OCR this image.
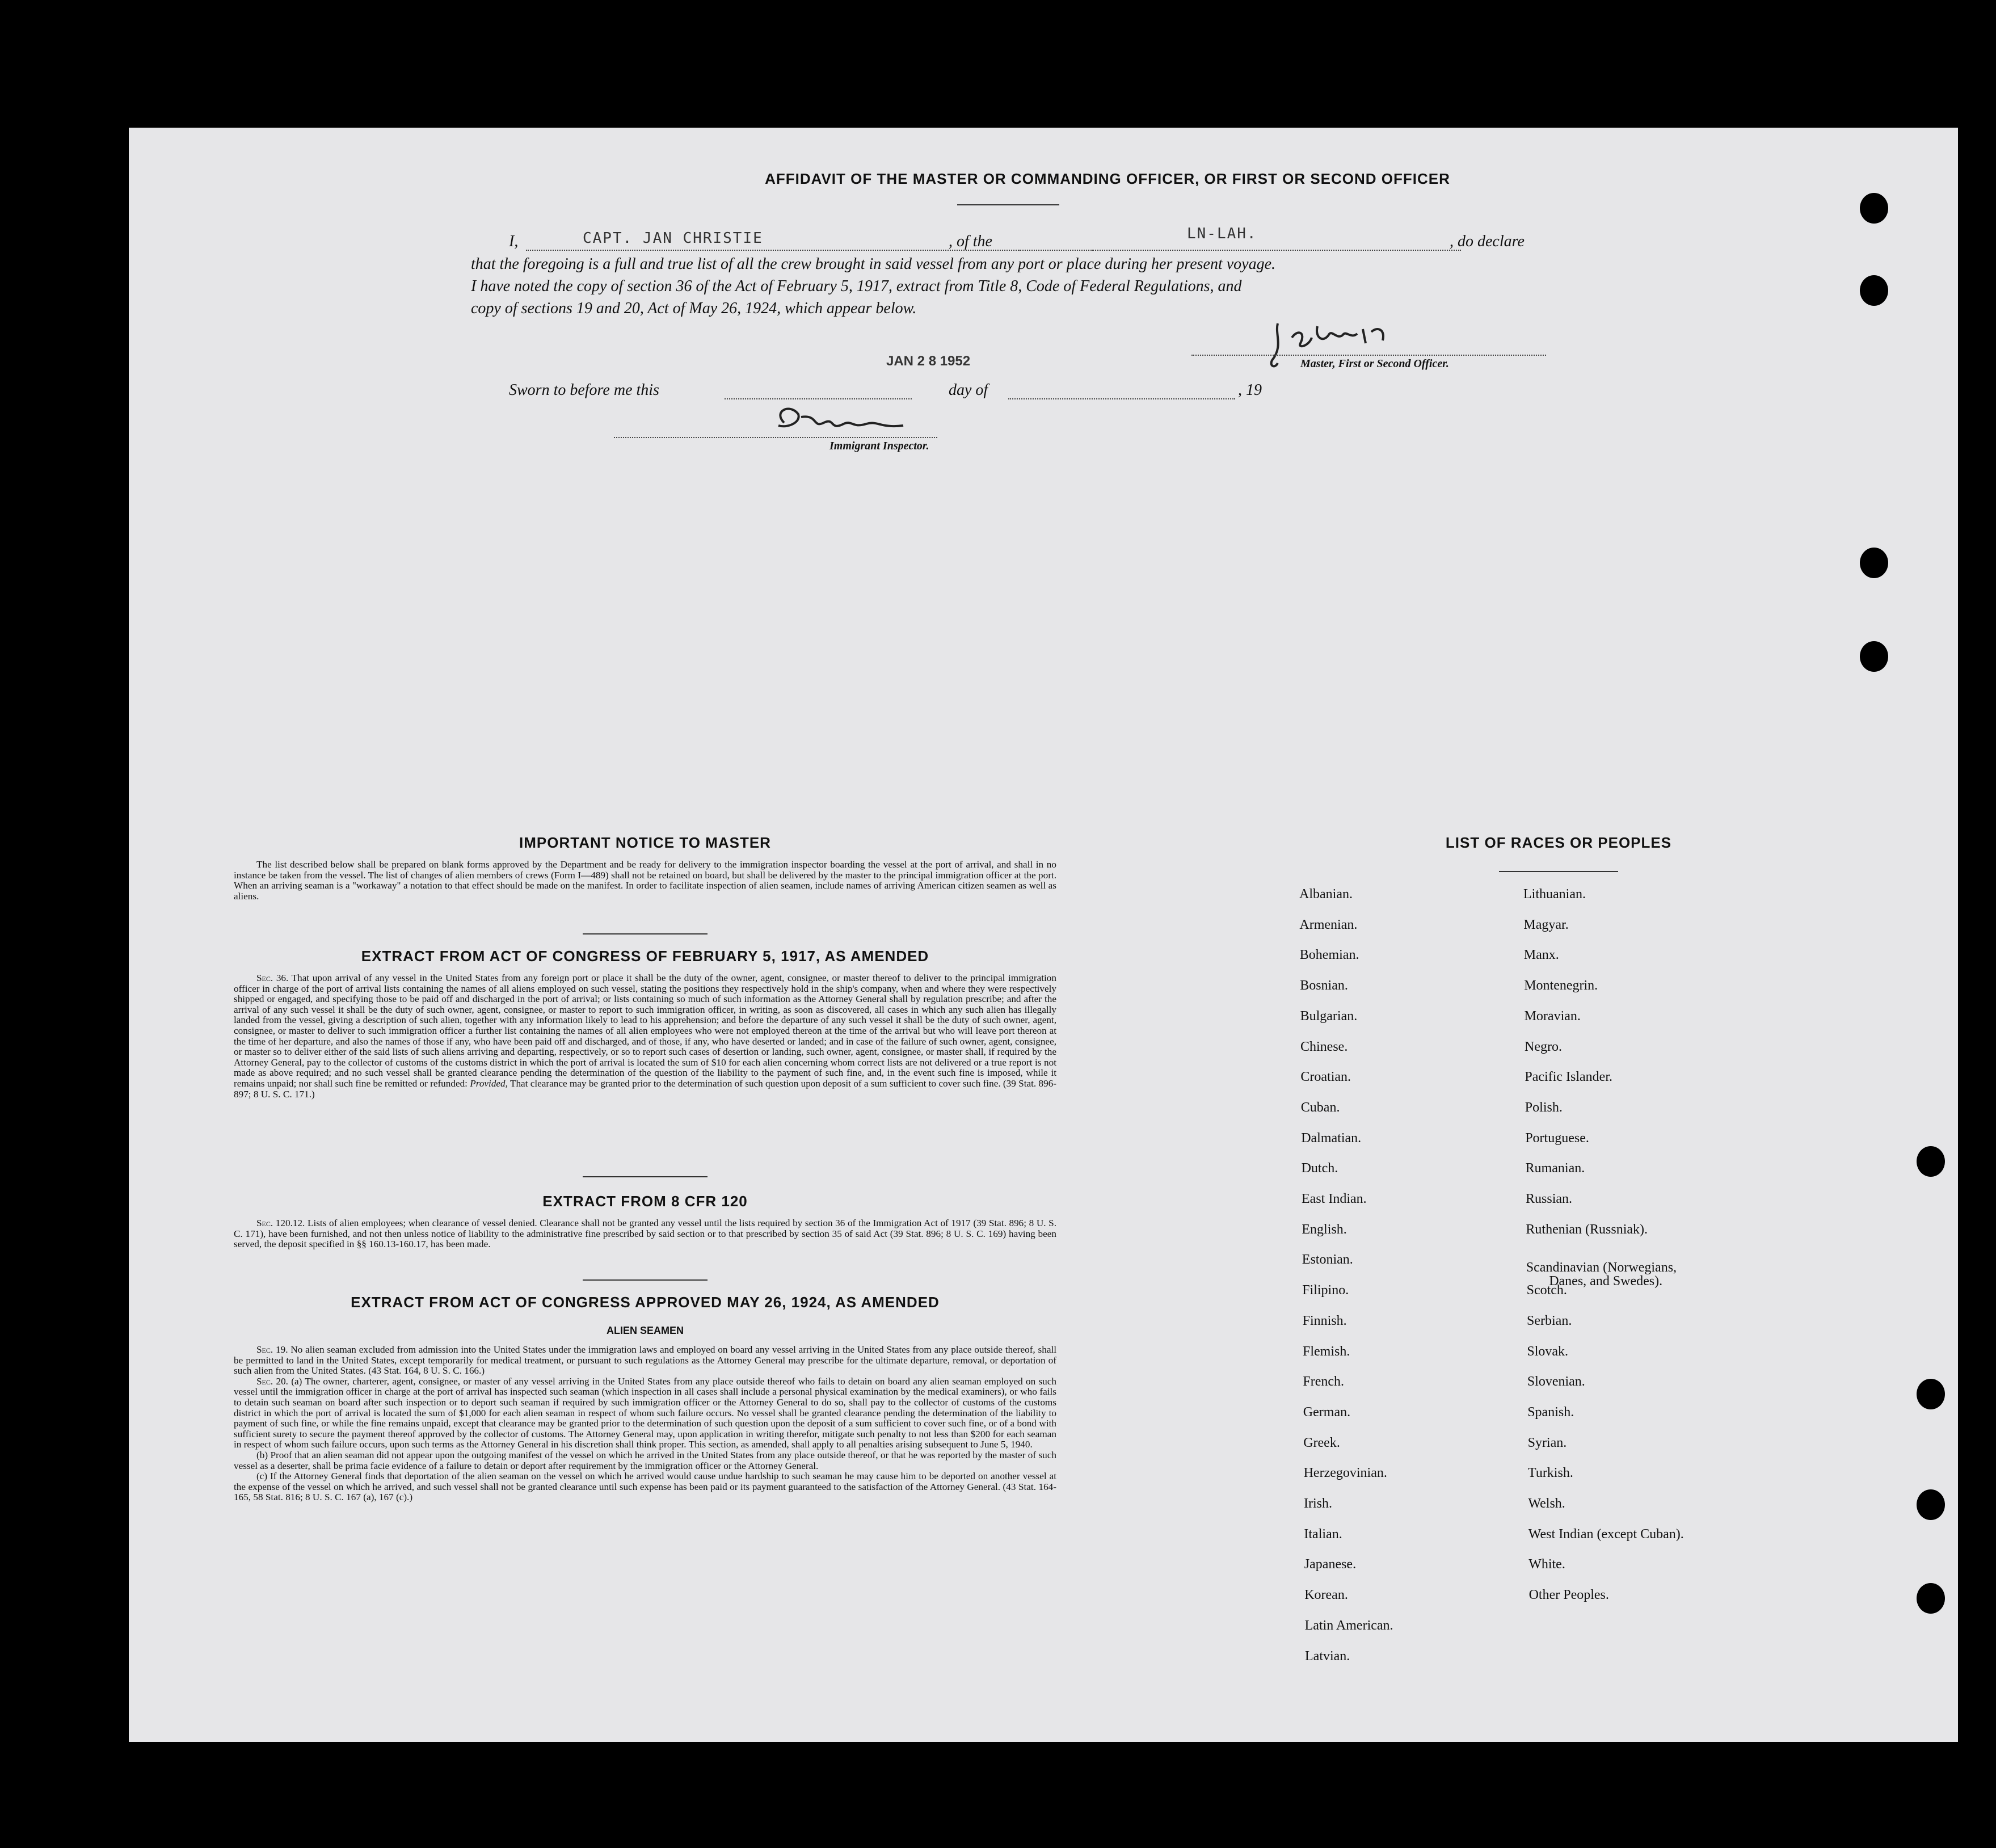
AFFIDAVIT OF THE MASTER OR COMMANDING OFFICER, OR FIRST OR SECOND OFFICER
I,	CAPT. JAN CHRISTIE	, of the	LN-LAH.	, do declare
that the foregoing is a full and true list of all the crew brought in said vessel from any port or place during her present voyage.
I have noted the copy of section 36 of the Act of February 5, 1917, extract from Title 8, Code of Federal Regulations, and
copy of sections 19 and 20, Act of May 26, 1924, which appear below.
JAN 2 8 1952	Master, First or Second Officer.
Sworn to before me this	day of	, 19
Immigrant Inspector.
IMPORTANT NOTICE TO MASTER

The list described below shall be prepared on blank forms approved by the Department and be ready for delivery to the immigration inspector boarding the vessel at the port of arrival, and shall in no instance be taken from the vessel. The list of changes of alien members of crews (Form I—489) shall not be retained on board, but shall be delivered by the master to the principal immigration officer at the port. When an arriving seaman is a "workaway" a notation to that effect should be made on the manifest. In order to facilitate inspection of alien seamen, include names of arriving American citizen seamen as well as aliens.

EXTRACT FROM ACT OF CONGRESS OF FEBRUARY 5, 1917, AS AMENDED

Sec. 36. That upon arrival of any vessel in the United States from any foreign port or place it shall be the duty of the owner, agent, consignee, or master thereof to deliver to the principal immigration officer in charge of the port of arrival lists containing the names of all aliens employed on such vessel, stating the positions they respectively hold in the ship's company, when and where they were respectively shipped or engaged, and specifying those to be paid off and discharged in the port of arrival; or lists containing so much of such information as the Attorney General shall by regulation prescribe; and after the arrival of any such vessel it shall be the duty of such owner, agent, consignee, or master to report to such immigration officer, in writing, as soon as discovered, all cases in which any such alien has illegally landed from the vessel, giving a description of such alien, together with any information likely to lead to his apprehension; and before the departure of any such vessel it shall be the duty of such owner, agent, consignee, or master to deliver to such immigration officer a further list containing the names of all alien employees who were not employed thereon at the time of the arrival but who will leave port thereon at the time of her departure, and also the names of those if any, who have been paid off and discharged, and of those, if any, who have deserted or landed; and in case of the failure of such owner, agent, consignee, or master so to deliver either of the said lists of such aliens arriving and departing, respectively, or so to report such cases of desertion or landing, such owner, agent, consignee, or master shall, if required by the Attorney General, pay to the collector of customs of the customs district in which the port of arrival is located the sum of $10 for each alien concerning whom correct lists are not delivered or a true report is not made as above required; and no such vessel shall be granted clearance pending the determination of the question of the liability to the payment of such fine, and, in the event such fine is imposed, while it remains unpaid; nor shall such fine be remitted or refunded: Provided, That clearance may be granted prior to the determination of such question upon deposit of a sum sufficient to cover such fine. (39 Stat. 896-897; 8 U. S. C. 171.)

EXTRACT FROM 8 CFR 120

Sec. 120.12. Lists of alien employees; when clearance of vessel denied. Clearance shall not be granted any vessel until the lists required by section 36 of the Immigration Act of 1917 (39 Stat. 896; 8 U. S. C. 171), have been furnished, and not then unless notice of liability to the administrative fine prescribed by said section or to that prescribed by section 35 of said Act (39 Stat. 896; 8 U. S. C. 169) having been served, the deposit specified in §§ 160.13-160.17, has been made.

EXTRACT FROM ACT OF CONGRESS APPROVED MAY 26, 1924, AS AMENDED
ALIEN SEAMEN

Sec. 19. No alien seaman excluded from admission into the United States under the immigration laws and employed on board any vessel arriving in the United States from any place outside thereof, shall be permitted to land in the United States, except temporarily for medical treatment, or pursuant to such regulations as the Attorney General may prescribe for the ultimate departure, removal, or deportation of such alien from the United States. (43 Stat. 164, 8 U. S. C. 166.)

Sec. 20. (a) The owner, charterer, agent, consignee, or master of any vessel arriving in the United States from any place outside thereof who fails to detain on board any alien seaman employed on such vessel until the immigration officer in charge at the port of arrival has inspected such seaman (which inspection in all cases shall include a personal physical examination by the medical examiners), or who fails to detain such seaman on board after such inspection or to deport such seaman if required by such immigration officer or the Attorney General to do so, shall pay to the collector of customs of the customs district in which the port of arrival is located the sum of $1,000 for each alien seaman in respect of whom such failure occurs. No vessel shall be granted clearance pending the determination of the liability to payment of such fine, or while the fine remains unpaid, except that clearance may be granted prior to the determination of such question upon the deposit of a sum sufficient to cover such fine, or of a bond with sufficient surety to secure the payment thereof approved by the collector of customs. The Attorney General may, upon application in writing therefor, mitigate such penalty to not less than $200 for each seaman in respect of whom such failure occurs, upon such terms as the Attorney General in his discretion shall think proper. This section, as amended, shall apply to all penalties arising subsequent to June 5, 1940.

(b) Proof that an alien seaman did not appear upon the outgoing manifest of the vessel on which he arrived in the United States from any place outside thereof, or that he was reported by the master of such vessel as a deserter, shall be prima facie evidence of a failure to detain or deport after requirement by the immigration officer or the Attorney General.

(c) If the Attorney General finds that deportation of the alien seaman on the vessel on which he arrived would cause undue hardship to such seaman he may cause him to be deported on another vessel at the expense of the vessel on which he arrived, and such vessel shall not be granted clearance until such expense has been paid or its payment guaranteed to the satisfaction of the Attorney General. (43 Stat. 164-165, 58 Stat. 816; 8 U. S. C. 167 (a), 167 (c).)

LIST OF RACES OR PEOPLES
Albanian.
Armenian.
Bohemian.
Bosnian.
Bulgarian.
Chinese.
Croatian.
Cuban.
Dalmatian.
Dutch.
East Indian.
English.
Estonian.
Filipino.
Finnish.
Flemish.
French.
German.
Greek.
Herzegovinian.
Irish.
Italian.
Japanese.
Korean.
Latin American.
Latvian.
Lithuanian.
Magyar.
Manx.
Montenegrin.
Moravian.
Negro.
Pacific Islander.
Polish.
Portuguese.
Rumanian.
Russian.
Ruthenian (Russniak).
Scandinavian (Norwegians,
Danes, and Swedes).
Scotch.
Serbian.
Slovak.
Slovenian.
Spanish.
Syrian.
Turkish.
Welsh.
West Indian (except Cuban).
White.
Other Peoples.
